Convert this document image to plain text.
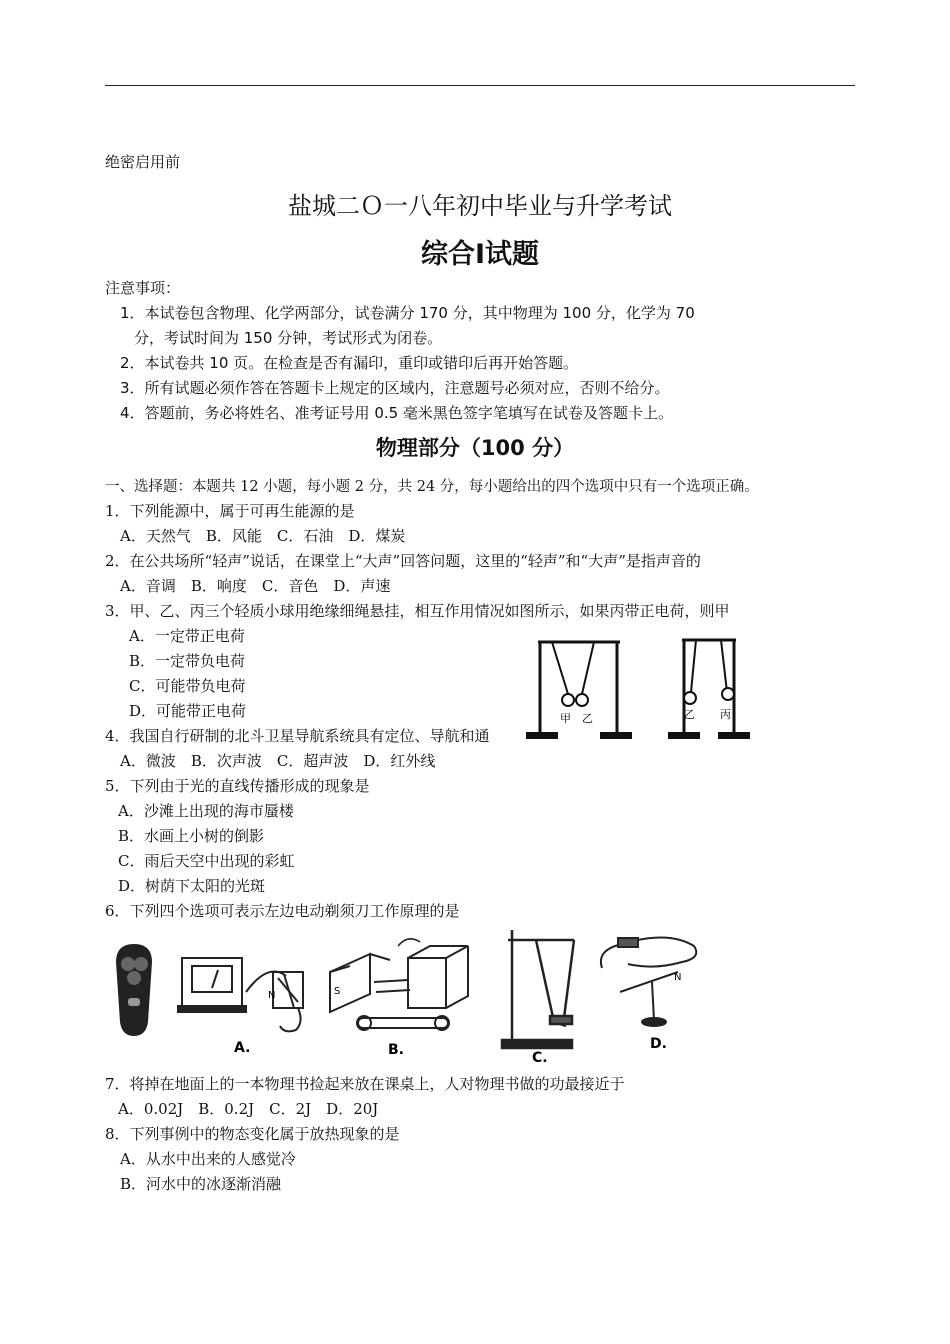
绝密启用前
盐城二Ｏ一八年初中毕业与升学考试
综合Ⅰ试题
注意事项：
1．本试卷包含物理、化学两部分，试卷满分 170 分，其中物理为 100 分，化学为 70
分，考试时间为 150 分钟，考试形式为闭卷。
2．本试卷共 10 页。在检查是否有漏印，重印或错印后再开始答题。
3．所有试题必须作答在答题卡上规定的区域内，注意题号必须对应，否则不给分。
4．答题前，务必将姓名、准考证号用 0.5 毫米黑色签字笔填写在试卷及答题卡上。
物理部分（100 分）
一、选择题：本题共 12 小题，每小题 2 分，共 24 分，每小题给出的四个选项中只有一个选项正确。
1．下列能源中，属于可再生能源的是
A．天然气　B．风能　C．石油　D．煤炭
2．在公共场所“轻声”说话，在课堂上“大声”回答问题，这里的“轻声”和“大声”是指声音的
A．音调　B．响度　C．音色　D．声速
3．甲、乙、丙三个轻质小球用绝缘细绳悬挂，相互作用情况如图所示，如果丙带正电荷，则甲
A．一定带正电荷
B．一定带负电荷
C．可能带负电荷
D．可能带正电荷	甲 乙	乙 丙
4．我国自行研制的北斗卫星导航系统具有定位、导航和通
A．微波　B．次声波　C．超声波　D．红外线
5．下列由于光的直线传播形成的现象是
A．沙滩上出现的海市蜃楼
B．水画上小树的倒影
C．雨后天空中出现的彩虹
D．树荫下太阳的光斑
6．下列四个选项可表示左边电动剃须刀工作原理的是
N
A.
S
B.	C.
N
D.
7．将掉在地面上的一本物理书捡起来放在课桌上，人对物理书做的功最接近于
A．0.02J　B．0.2J　C．2J　D．20J
8．下列事例中的物态变化属于放热现象的是
A．从水中出来的人感觉冷
B．河水中的冰逐渐消融
